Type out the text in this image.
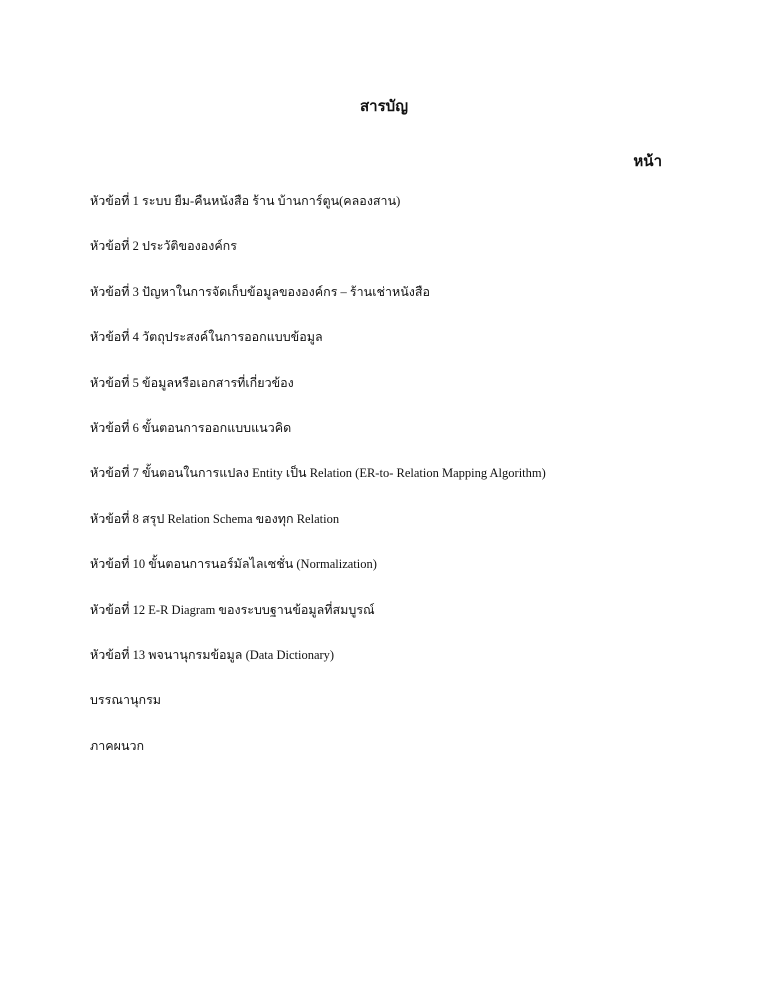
สารบัญ
หน้า
หัวข้อที่ 1 ระบบ ยืม-คืนหนังสือ ร้าน บ้านการ์ตูน(คลองสาน)
หัวข้อที่ 2 ประวัติขององค์กร
หัวข้อที่ 3 ปัญหาในการจัดเก็บข้อมูลขององค์กร – ร้านเช่าหนังสือ
หัวข้อที่ 4 วัตถุประสงค์ในการออกแบบข้อมูล
หัวข้อที่ 5 ข้อมูลหรือเอกสารที่เกี่ยวข้อง
หัวข้อที่ 6 ขั้นตอนการออกแบบแนวคิด
หัวข้อที่ 7 ขั้นตอนในการแปลง Entity เป็น Relation (ER-to- Relation Mapping Algorithm)
หัวข้อที่ 8 สรุป Relation Schema ของทุก Relation
หัวข้อที่ 10 ขั้นตอนการนอร์มัลไลเซชั่น (Normalization)
หัวข้อที่ 12 E-R Diagram ของระบบฐานข้อมูลที่สมบูรณ์
หัวข้อที่ 13 พจนานุกรมข้อมูล (Data Dictionary)
บรรณานุกรม
ภาคผนวก
